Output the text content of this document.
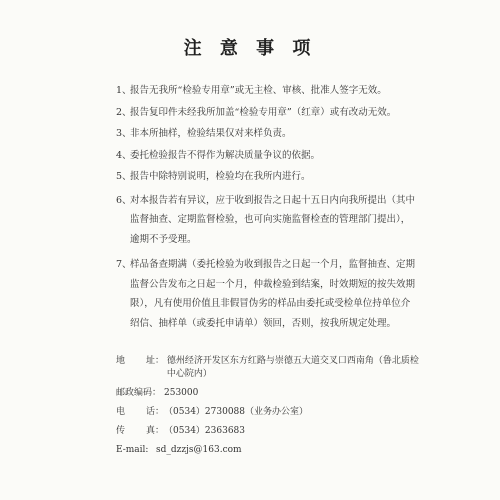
注 意 事 项
1、
报告无我所“检验专用章”或无主检、审核、批准人签字无效。
2、
报告复印件未经我所加盖“检验专用章”（红章）或有改动无效。
3、
非本所抽样，检验结果仅对来样负责。
4、
委托检验报告不得作为解决质量争议的依据。
5、
报告中除特别说明，检验均在我所内进行。
6、
对本报告若有异议，应于收到报告之日起十五日内向我所提出（其中监督抽查、定期监督检验，也可向实施监督检查的管理部门提出），逾期不予受理。
7、
样品备查期满（委托检验为收到报告之日起一个月，监督抽查、定期监督公告发布之日起一个月，仲裁检验到结案，时效期短的按失效期限），凡有使用价值且非假冒伪劣的样品由委托或受检单位持单位介绍信、抽样单（或委托申请单）领回，否则，按我所规定处理。
地 址： 德州经济开发区东方红路与崇德五大道交叉口西南角（鲁北质检中心院内）
邮政编码： 253000
电 话：（0534）2730088（业务办公室）
传 真：（0534）2363683
E-mail: sd_dzzjs@163.com
